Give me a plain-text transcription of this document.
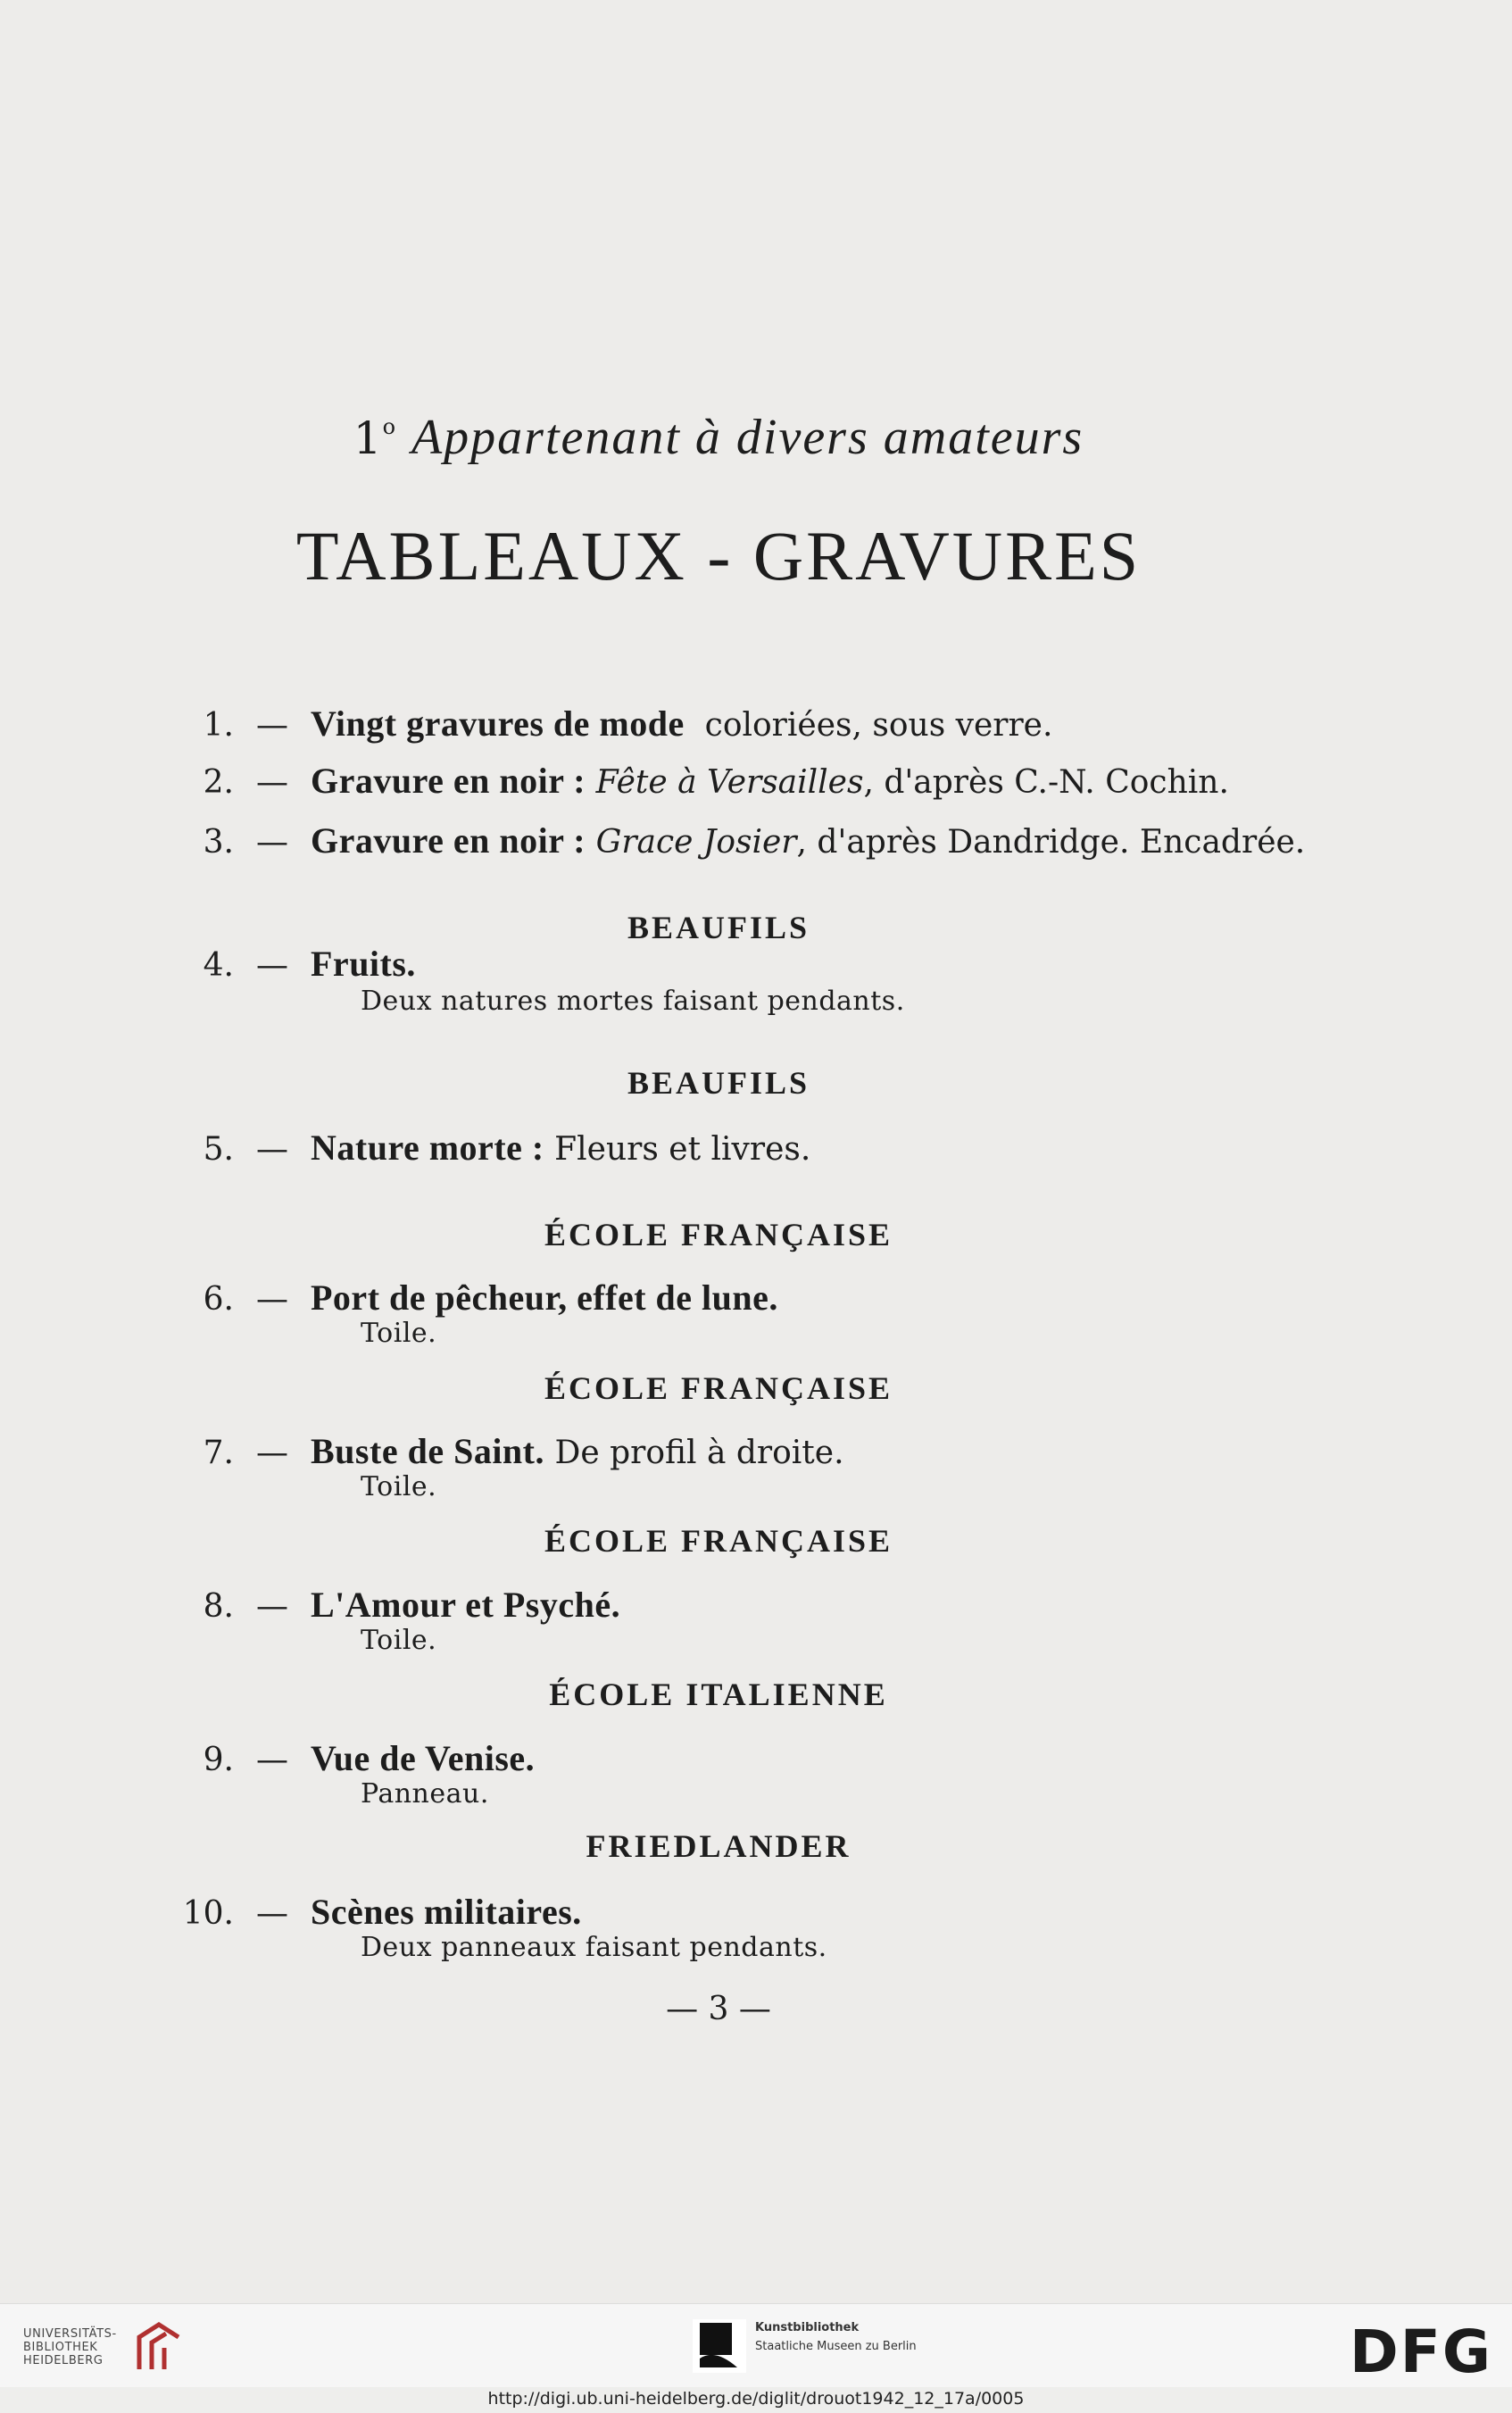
1$^o$ Appartenant à divers amateurs
TABLEAUX - GRAVURES
1. — Vingt gravures de mode coloriées, sous verre.
2. — Gravure en noir : Fête à Versailles, d'après C.-N. Cochin.
3. — Gravure en noir : Grace Josier, d'après Dandridge. Encadrée.
BEAUFILS
4. — Fruits.
Deux natures mortes faisant pendants.
BEAUFILS
5. — Nature morte : Fleurs et livres.
ÉCOLE FRANÇAISE
6. — Port de pêcheur, effet de lune.
Toile.
ÉCOLE FRANÇAISE
7. — Buste de Saint. De profil à droite.
Toile.
ÉCOLE FRANÇAISE
8. — L'Amour et Psyché.
Toile.
ÉCOLE ITALIENNE
9. — Vue de Venise.
Panneau.
FRIEDLANDER
10. — Scènes militaires.
Deux panneaux faisant pendants.
— 3 —
UNIVERSITÄTS-
BIBLIOTHEK
HEIDELBERG
Kunstbibliothek
Staatliche Museen zu Berlin	DFG
http://digi.ub.uni-heidelberg.de/diglit/drouot1942_12_17a/0005
